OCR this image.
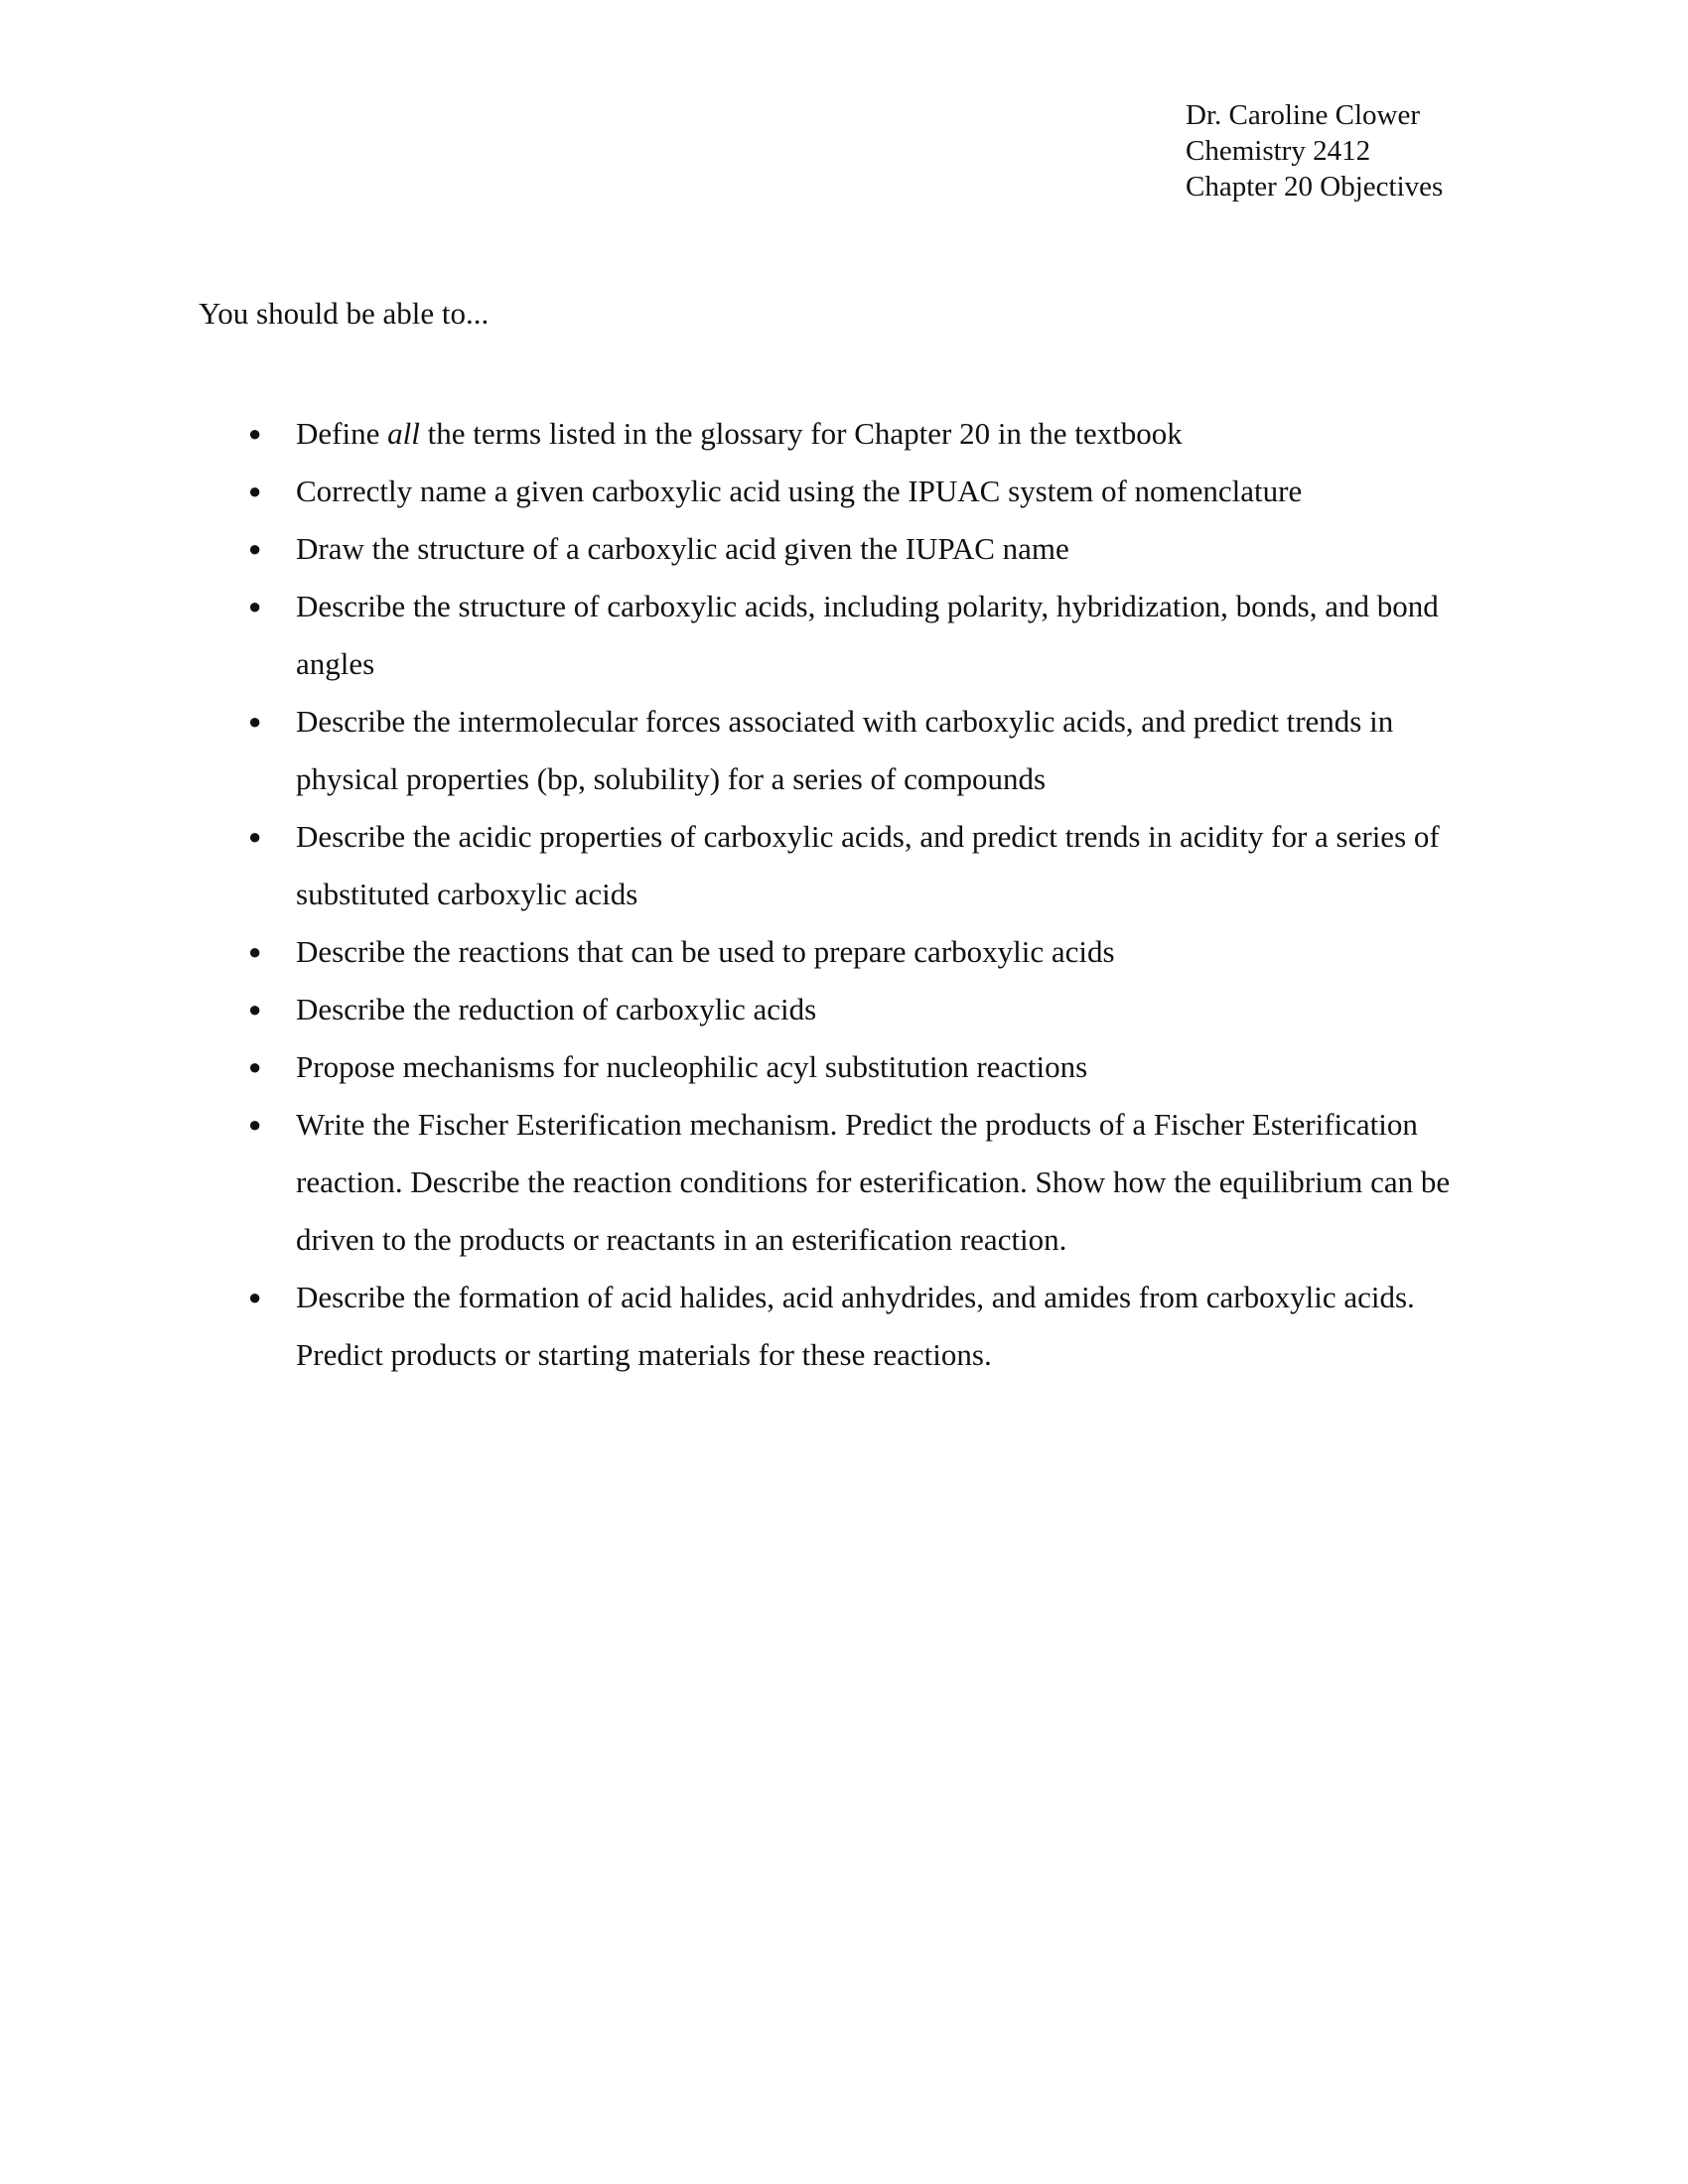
Dr. Caroline Clower
Chemistry 2412
Chapter 20 Objectives
You should be able to...
● Define all the terms listed in the glossary for Chapter 20 in the textbook
● Correctly name a given carboxylic acid using the IPUAC system of nomenclature
● Draw the structure of a carboxylic acid given the IUPAC name
● Describe the structure of carboxylic acids, including polarity, hybridization, bonds, and bond angles
● Describe the intermolecular forces associated with carboxylic acids, and predict trends in physical properties (bp, solubility) for a series of compounds
● Describe the acidic properties of carboxylic acids, and predict trends in acidity for a series of substituted carboxylic acids
● Describe the reactions that can be used to prepare carboxylic acids
● Describe the reduction of carboxylic acids
● Propose mechanisms for nucleophilic acyl substitution reactions
● Write the Fischer Esterification mechanism. Predict the products of a Fischer Esterification reaction. Describe the reaction conditions for esterification. Show how the equilibrium can be driven to the products or reactants in an esterification reaction.
● Describe the formation of acid halides, acid anhydrides, and amides from carboxylic acids. Predict products or starting materials for these reactions.
